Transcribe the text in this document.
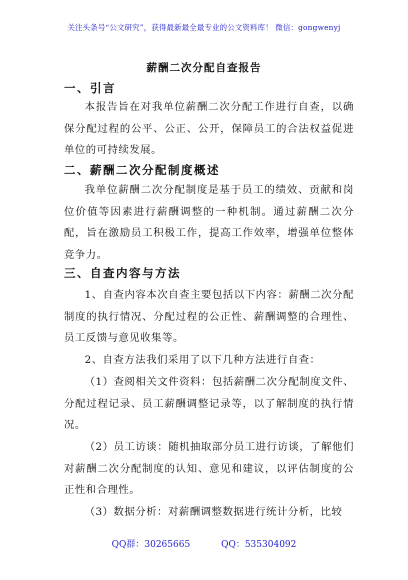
关注头条号“公文研究”，获得最新最全最专业的公文资料库！ 微信：gongwenyj
薪酬二次分配自查报告
一、引言
本报告旨在对我单位薪酬二次分配工作进行自查，以确保分配过程的公平、公正、公开，保障员工的合法权益促进单位的可持续发展。
二、薪酬二次分配制度概述
我单位薪酬二次分配制度是基于员工的绩效、贡献和岗位价值等因素进行薪酬调整的一种机制。通过薪酬二次分配，旨在激励员工积极工作，提高工作效率，增强单位整体竞争力。
三、自查内容与方法
1、自查内容本次自查主要包括以下内容：薪酬二次分配制度的执行情况、分配过程的公正性、薪酬调整的合理性、员工反馈与意见收集等。
2、自查方法我们采用了以下几种方法进行自查：
（1）查阅相关文件资料：包括薪酬二次分配制度文件、分配过程记录、员工薪酬调整记录等，以了解制度的执行情况。
（2）员工访谈：随机抽取部分员工进行访谈，了解他们对薪酬二次分配制度的认知、意见和建议，以评估制度的公正性和合理性。
（3）数据分析：对薪酬调整数据进行统计分析，比较
QQ群：30265665	QQ：535304092
